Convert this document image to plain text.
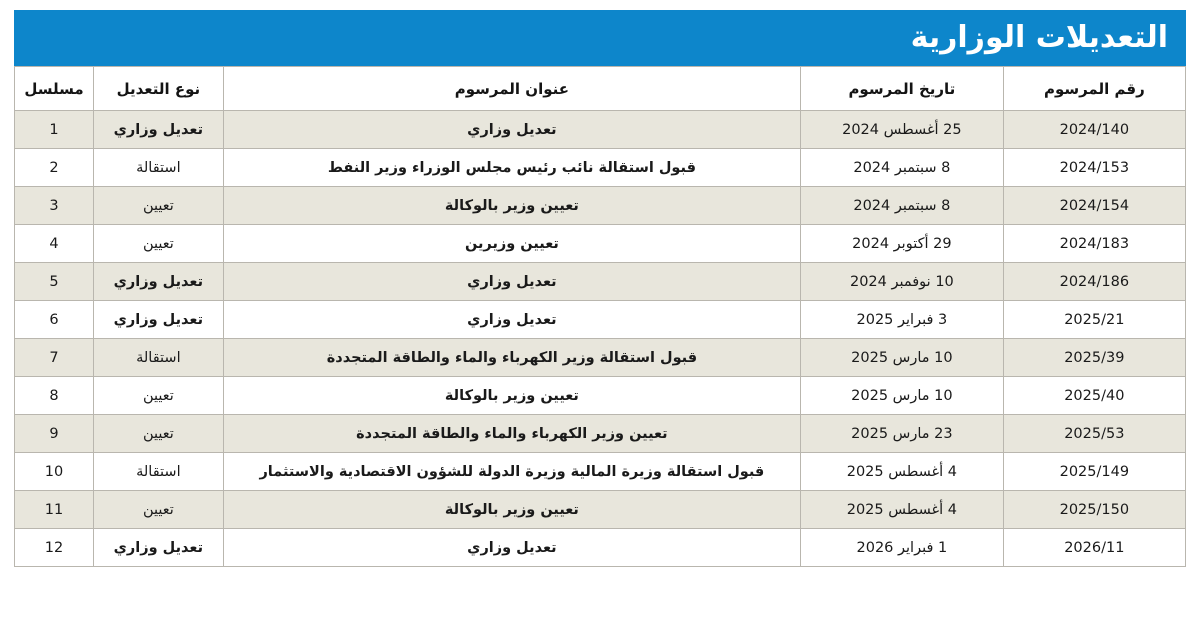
التعديلات الوزارية
رقم المرسوم	تاريخ المرسوم	عنوان المرسوم	نوع التعديل	مسلسل
2024/140	25 أغسطس 2024	تعديل وزاري	تعديل وزاري	1
2024/153	8 سبتمبر 2024	قبول استقالة نائب رئيس مجلس الوزراء وزير النفط	استقالة	2
2024/154	8 سبتمبر 2024	تعيين وزير بالوكالة	تعيين	3
2024/183	29 أكتوبر 2024	تعيين وزيرين	تعيين	4
2024/186	10 نوفمبر 2024	تعديل وزاري	تعديل وزاري	5
2025/21	3 فبراير 2025	تعديل وزاري	تعديل وزاري	6
2025/39	10 مارس 2025	قبول استقالة وزير الكهرباء والماء والطاقة المتجددة	استقالة	7
2025/40	10 مارس 2025	تعيين وزير بالوكالة	تعيين	8
2025/53	23 مارس 2025	تعيين وزير الكهرباء والماء والطاقة المتجددة	تعيين	9
2025/149	4 أغسطس 2025	قبول استقالة وزيرة المالية وزيرة الدولة للشؤون الاقتصادية والاستثمار	استقالة	10
2025/150	4 أغسطس 2025	تعيين وزير بالوكالة	تعيين	11
2026/11	1 فبراير 2026	تعديل وزاري	تعديل وزاري	12
